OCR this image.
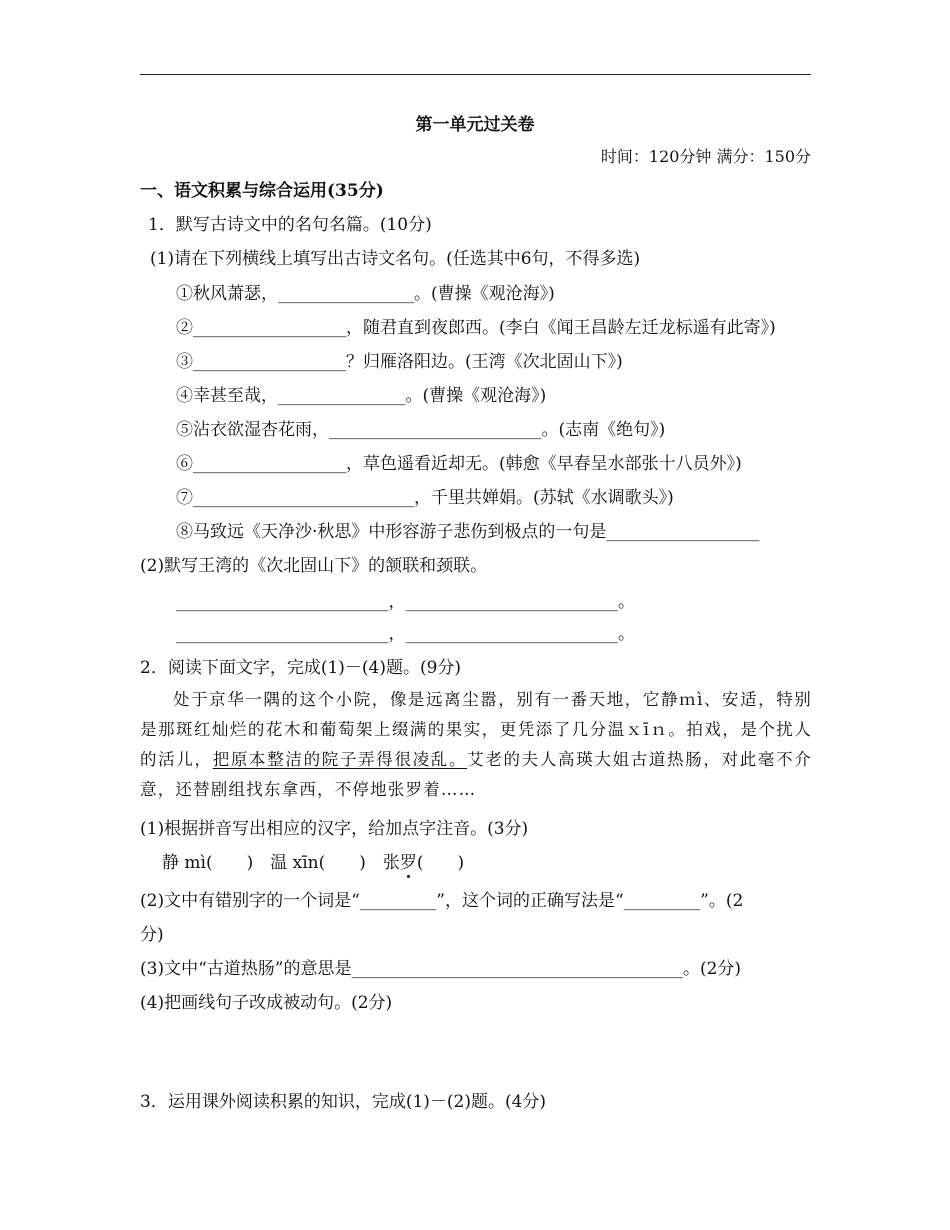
第一单元过关卷
时间：120分钟 满分：150分
一、语文积累与综合运用(35分)
1．默写古诗文中的名句名篇。(10分)
(1)请在下列横线上填写出古诗文名句。(任选其中6句，不得多选)
①秋风萧瑟，________________。(曹操《观沧海》)
②__________________，随君直到夜郎西。(李白《闻王昌龄左迁龙标遥有此寄》)
③__________________？归雁洛阳边。(王湾《次北固山下》)
④幸甚至哉，_______________。(曹操《观沧海》)
⑤沾衣欲湿杏花雨，_________________________。(志南《绝句》)
⑥__________________，草色遥看近却无。(韩愈《早春呈水部张十八员外》)
⑦__________________________，千里共婵娟。(苏轼《水调歌头》)
⑧马致远《天净沙·秋思》中形容游子悲伤到极点的一句是__________________
(2)默写王湾的《次北固山下》的颔联和颈联。
_________________________，_________________________。
_________________________，_________________________。
2．阅读下面文字，完成(1)－(4)题。(9分)
处于京华一隅的这个小院，像是远离尘嚣，别有一番天地，它静ｍì、安适，特别是那斑红灿烂的花木和葡萄架上缀满的果实，更凭添了几分温ｘīｎ。拍戏，是个扰人的活儿，把原本整洁的院子弄得很凌乱。艾老的夫人高瑛大姐古道热肠，对此毫不介意，还替剧组找东拿西，不停地张罗着……
(1)根据拼音写出相应的汉字，给加点字注音。(3分)
静 mì(　　)　温 xīn(　　)　张罗(　　)
(2)文中有错别字的一个词是“_________”，这个词的正确写法是“_________”。(2
分)
(3)文中“古道热肠”的意思是_______________________________________。(2分)
(4)把画线句子改成被动句。(2分)
3．运用课外阅读积累的知识，完成(1)－(2)题。(4分)
